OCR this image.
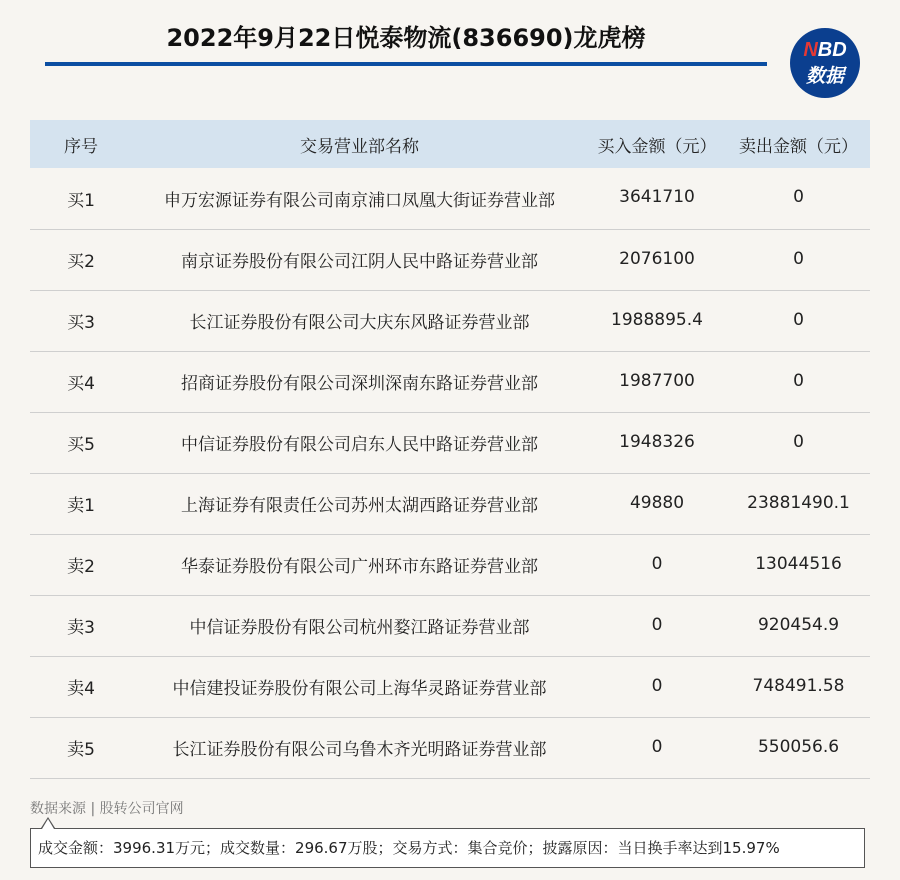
2022年9月22日悦泰物流(836690)龙虎榜	NBD
数据
序号	交易营业部名称	买入金额（元）	卖出金额（元）
买1	申万宏源证券有限公司南京浦口凤凰大街证券营业部	3641710	0
买2	南京证券股份有限公司江阴人民中路证券营业部	2076100	0
买3	长江证券股份有限公司大庆东风路证券营业部	1988895.4	0
买4	招商证券股份有限公司深圳深南东路证券营业部	1987700	0
买5	中信证券股份有限公司启东人民中路证券营业部	1948326	0
卖1	上海证券有限责任公司苏州太湖西路证券营业部	49880	23881490.1
卖2	华泰证券股份有限公司广州环市东路证券营业部	0	13044516
卖3	中信证券股份有限公司杭州婺江路证券营业部	0	920454.9
卖4	中信建投证券股份有限公司上海华灵路证券营业部	0	748491.58
卖5	长江证券股份有限公司乌鲁木齐光明路证券营业部	0	550056.6
数据来源 | 股转公司官网
成交金额：3996.31万元；成交数量：296.67万股；交易方式：集合竞价；披露原因：当日换手率达到15.97%
